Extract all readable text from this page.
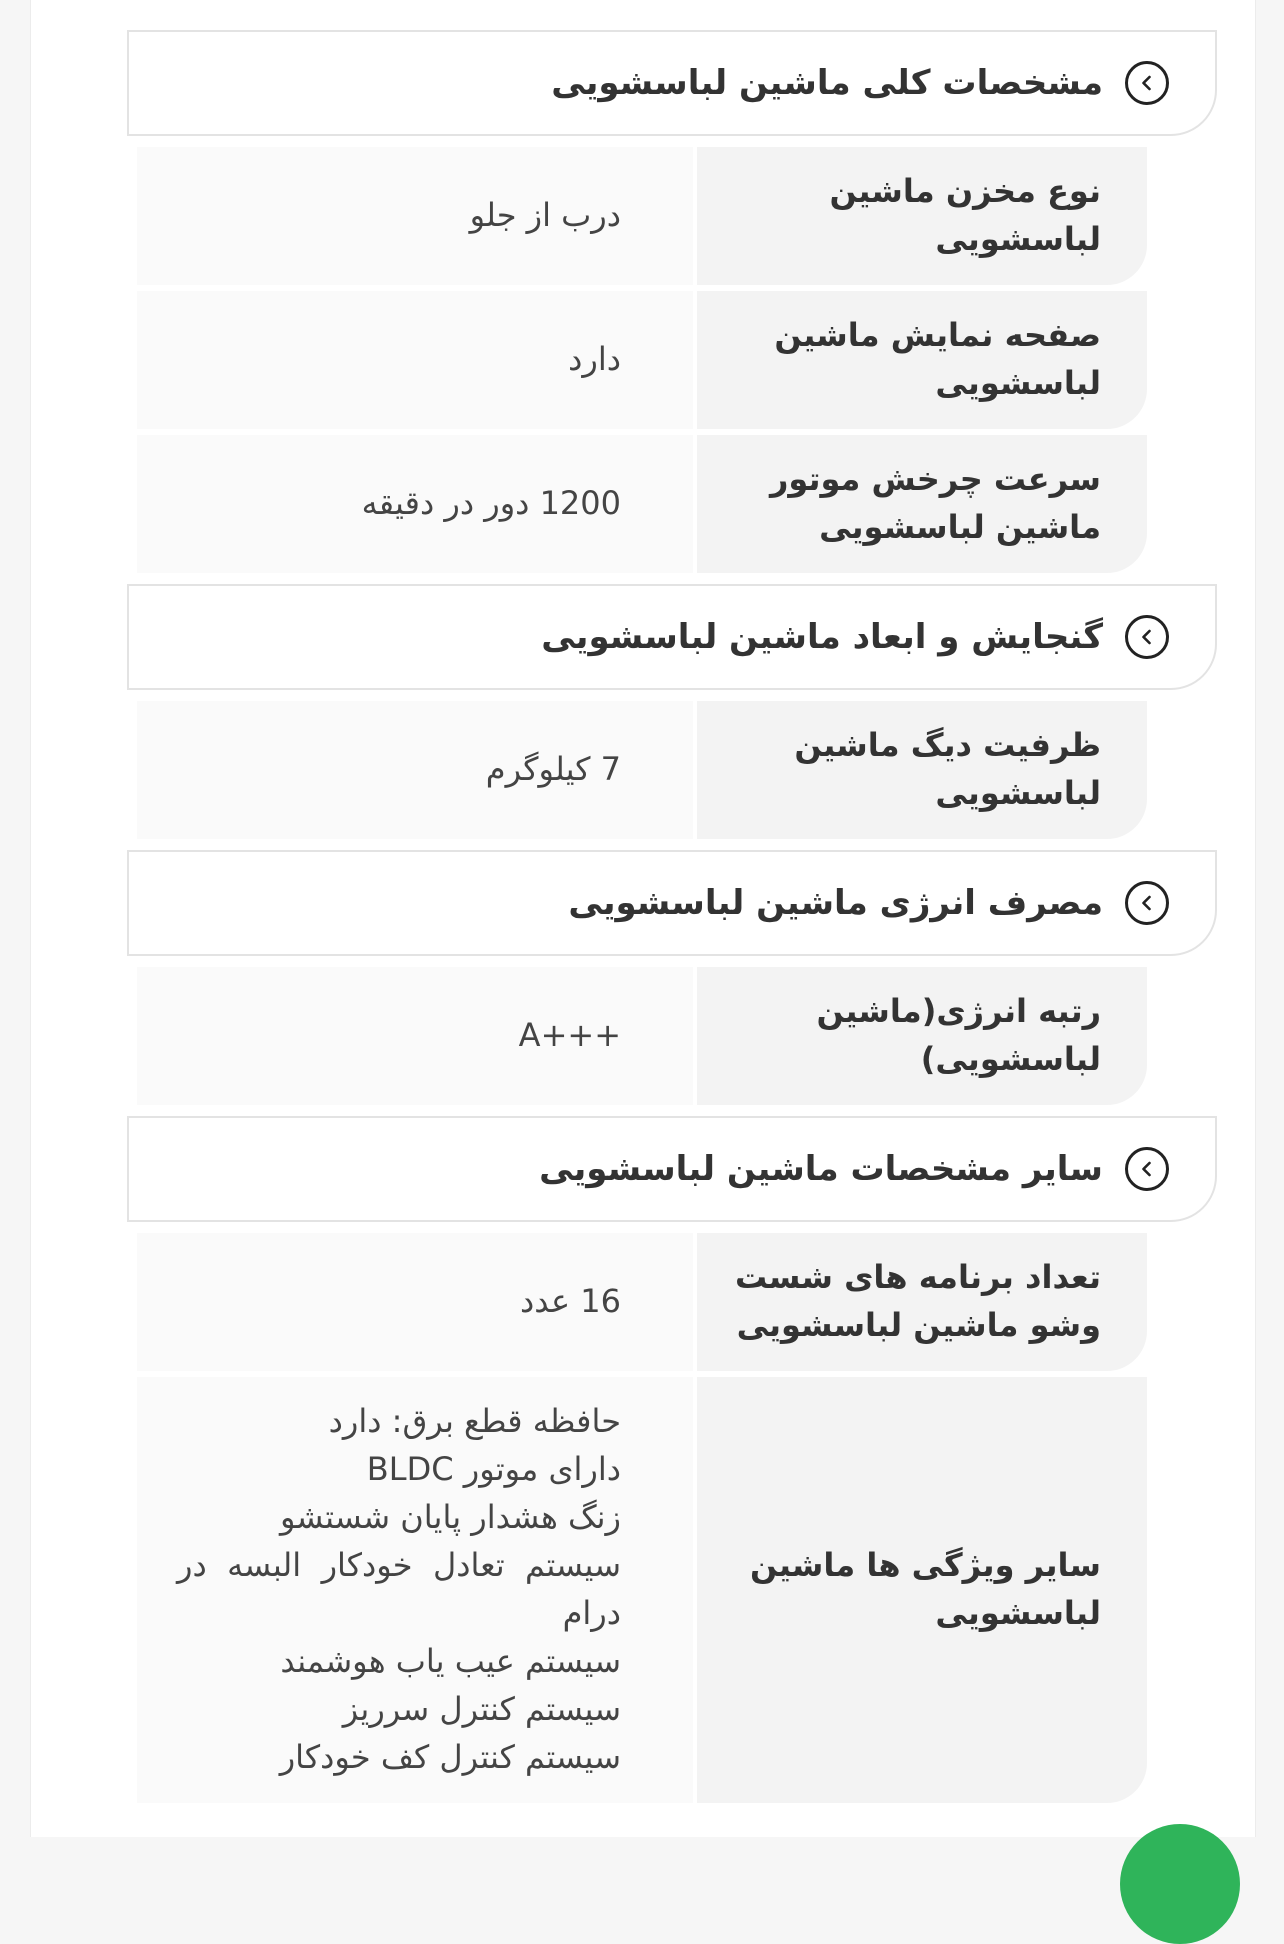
مشخصات کلی ماشین لباسشویی
نوع مخزن ماشین لباسشویی
درب از جلو
صفحه نمایش ماشین لباسشویی
دارد
سرعت چرخش موتور ماشین لباسشویی
1200 دور در دقیقه
گنجایش و ابعاد ماشین لباسشویی
ظرفیت دیگ ماشین لباسشویی
7 کیلوگرم
مصرف انرژی ماشین لباسشویی
رتبه انرژی(ماشین لباسشویی)
A+++
سایر مشخصات ماشین لباسشویی
تعداد برنامه های شست وشو ماشین لباسشویی
16 عدد
سایر ویژگی ها ماشین لباسشویی
حافظه قطع برق: دارد
دارای موتور BLDC
زنگ هشدار پایان شستشو
سیستم تعادل خودکار البسه در درام
سیستم عیب یاب هوشمند
سیستم کنترل سرریز
سیستم کنترل کف خودکار
